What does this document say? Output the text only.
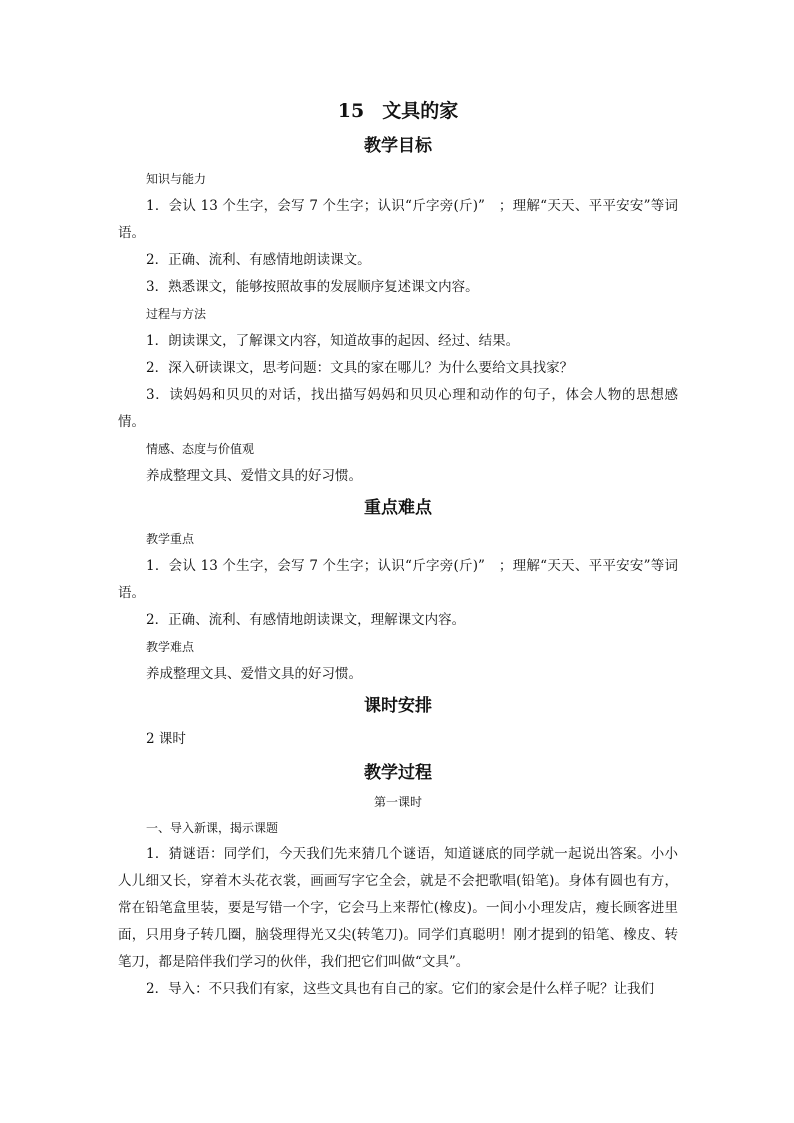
15 文具的家
教学目标

知识与能力

1．会认 13 个生字，会写 7 个生字；认识“斤字旁(斤)”　；理解“天天、平平安安”等词语。

2．正确、流利、有感情地朗读课文。

3．熟悉课文，能够按照故事的发展顺序复述课文内容。

过程与方法

1．朗读课文，了解课文内容，知道故事的起因、经过、结果。

2．深入研读课文，思考问题：文具的家在哪儿？为什么要给文具找家？

3．读妈妈和贝贝的对话，找出描写妈妈和贝贝心理和动作的句子，体会人物的思想感情。

情感、态度与价值观

养成整理文具、爱惜文具的好习惯。

重点难点

教学重点

1．会认 13 个生字，会写 7 个生字；认识“斤字旁(斤)”　；理解“天天、平平安安”等词语。

2．正确、流利、有感情地朗读课文，理解课文内容。

教学难点

养成整理文具、爱惜文具的好习惯。

课时安排

2 课时

教学过程

第一课时

一、导入新课，揭示课题

1．猜谜语：同学们，今天我们先来猜几个谜语，知道谜底的同学就一起说出答案。小小人儿细又长，穿着木头花衣裳，画画写字它全会，就是不会把歌唱(铅笔)。身体有圆也有方，常在铅笔盒里装，要是写错一个字，它会马上来帮忙(橡皮)。一间小小理发店，瘦长顾客进里面，只用身子转几圈，脑袋理得光又尖(转笔刀)。同学们真聪明！刚才提到的铅笔、橡皮、转笔刀，都是陪伴我们学习的伙伴，我们把它们叫做“文具”。

2．导入：不只我们有家，这些文具也有自己的家。它们的家会是什么样子呢？让我们
